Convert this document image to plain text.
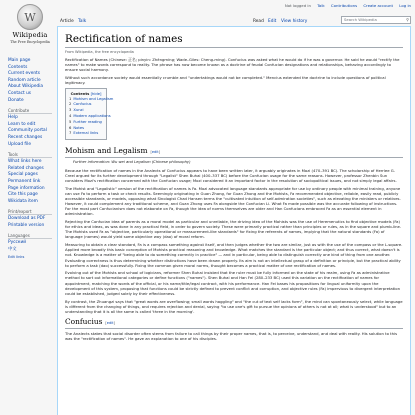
W
Wikipedia
The Free Encyclopedia
Main page
Contents
Current events
Random article
About Wikipedia
Contact us
Donate
Contribute
Help
Learn to edit
Community portal
Recent changes
Upload file
Tools
What links here
Related changes
Special pages
Permanent link
Page information
Cite this page
Wikidata item
Print/export
Download as PDF
Printable version
Languages
Русский
中文
Edit links
Not logged in Talk Contributions Create account Log in
Article Talk	Read Edit View history
Search Wikipedia	⚲
Rectification of names
From Wikipedia, the free encyclopedia

Rectification of Names (Chinese: 正名; pinyin: Zhèngmíng; Wade–Giles: Cheng-ming). Confucius was asked what he would do if he was a governor. He said he would "rectify the names" to make words correspond to reality. The phrase has now become known as a doctrine of feudal Confucian designations and relationships, behaving accordingly to ensure social harmony.

Without such accordance society would essentially crumble and "undertakings would not be completed." Mencius extended the doctrine to include questions of political legitimacy.

Contents [hide]
1 Mohism and Legalism
2 Confucius
3 Xunzi
4 Modern applications
5 Further reading
6 Notes
7 External links
Mohism and Legalism [edit]
Further information: Wu wei and Legalism (Chinese philosophy)

Because the rectification of names in the Analects of Confucius appears to have been written later, it arguably originates in Mozi (470–391 BC). The scholarship of Herrlee G. Creel argued for its further development through "Legalist" Shen Buhai (400–337 BC) before the Confucian usage for the same reasons. However, professor Zhenbin Sun considers Mozi's rectification concerned with the Confucian usage; Mozi considered it an important factor in the resolution of sociopolitical issues, and not simply legal affairs.

The Mohist and "Legalistic" version of the rectification of names is Fa. Mozi advocated language standards appropriate for use by ordinary people with minimal training, anyone can use Fa to perform a task or check results. Seemingly originating in Guan Zhong, for Guan Zhong and the Mohists, Fa recommended objective, reliable, easily read, publicly accessible standards, or models, opposing what Sinologist Chad Hansen terms the "cultivated intuition of self-admiration societies", such as elevating the ministers or relatives. However, it could complement any traditional scheme, and Guan Zhong uses Fa alongside the Confucian Li. What Fa made possible was the accurate following of instructions. For the most part Confucianism does not elaborate on Fa, though the idea of norms themselves are older and Han Confucians embraced Fa as an essential element in administration.

Rejecting the Confucian idea of parents as a moral model as particular and unreliable, the driving idea of the Mohists was the use of Heremenutics to find objective models (Fa) for ethics and ideas, as was done in any practical field, in order to govern society. These were primarily practical rather than principles or rules, as in the square and plumb-line. The Mohists used Fa as "objective, particularly operational or measurement-like standards" for fixing the referents of names, implying that the natural standards (Fa) of language (names) would yield some objective way (dao) of moral reform.

Measuring to obtain a clear standard, Fa is a compass something against itself, and then judges whether the two are similar, just as with the use of the compass or the L-square. Applied more broadly this basic conception of Mohists practical reasoning and knowledge. What matches the standard is the particular object; and thus correct, what doesn't is not. Knowledge is a matter of "being able to do something correctly in practice" — and in particular, being able to distinguish correctly one kind of thing from one another. Evaluating correctness is thus determining whether distinctions have been drawn properly. Its aim is not an intellectual grasp of a definition or principle, but the practical ability to perform a task (dao) successfully. Fixing the common given moral norms, thought becomes a practical matter of one rectification of names.

Evolving out of the Mohists and school of logicians, reformer Shen Buhai insisted that the ruler must be fully informed on the state of his realm, using Fa as administrative method to sort out informational categories or define functions ("names"). Shen Buhai and Han Fei (280–233 BC) used this variation on the rectification of names for appointment, matching the words of the official, or his name/title/legal contract, with his performance. Han Fei bases his propositions for lingual uniformity upon the development of this system, proposing that functions could be strictly defined to prevent conflict and corruption, and objective rules (Fa) impervious to divergent interpretation could be established, judged solely by their effectiveness.

By contrast, the Zhuangzi says that "great words are overflowing; small words haggling" and "the cut of text self lacks form", the mind can spontaneously select, while language is different from the changing of things, and requires rejection and denial, saying "to use one's gift to pursue the opinions of others is not at all; what is understood" but to an understanding that it is all the same is called 'three in the morning'.

Confucius [edit]

The Analects states that social disorder often stems from failure to call things by their proper names, that is, to perceive, understand, and deal with reality. His solution to this was the "rectification of names". He gave an explanation to one of his disciples.
